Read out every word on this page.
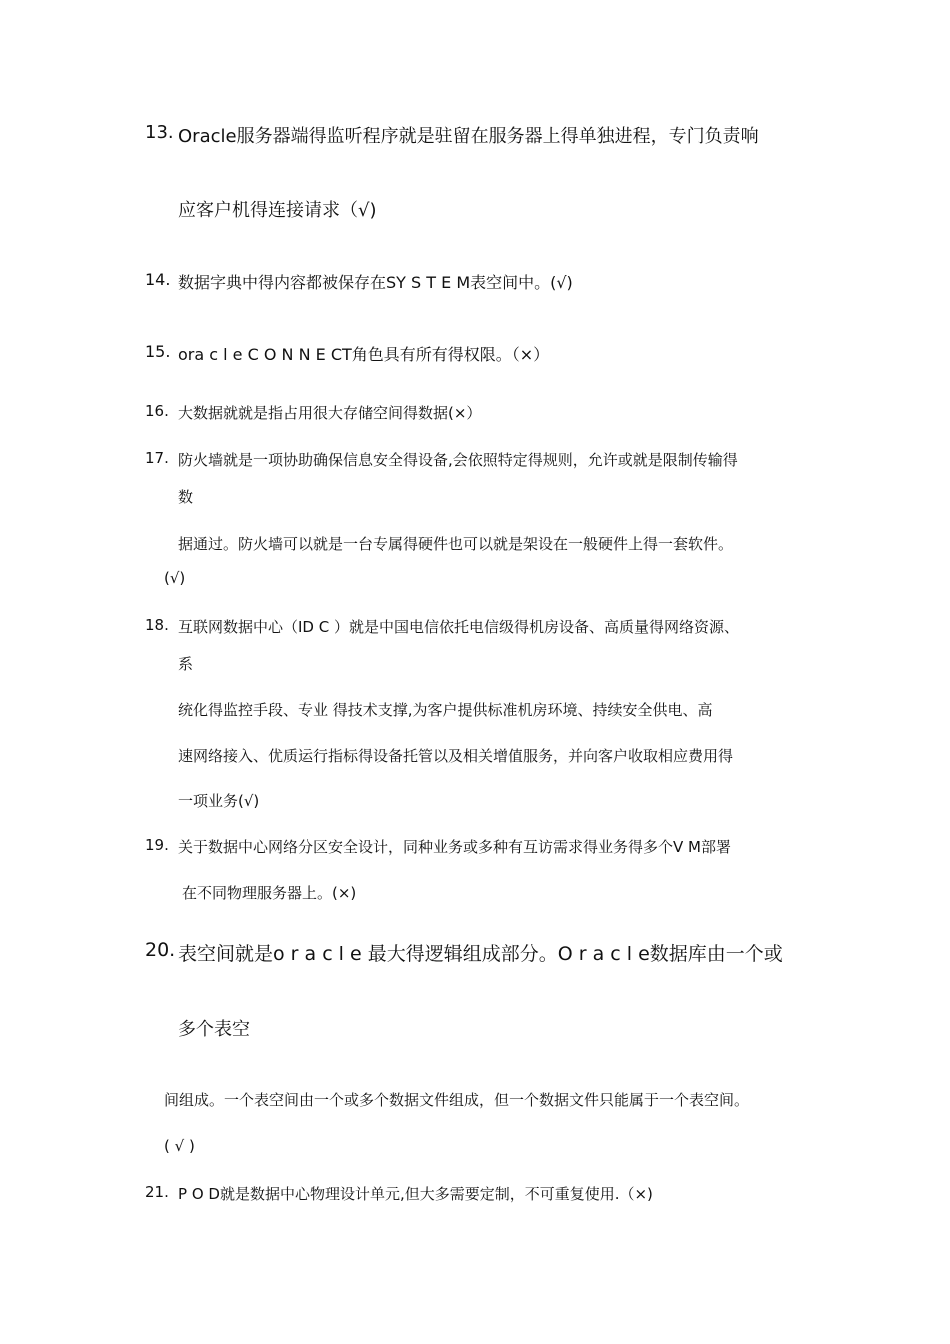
13. Oracle服务器端得监听程序就是驻留在服务器上得单独进程，专门负责响
应客户机得连接请求（√)
14. 数据字典中得内容都被保存在SY S T E M表空间中。(√)
15. ora c l e C O N N E CT角色具有所有得权限。（×）
16. 大数据就就是指占用很大存储空间得数据(×）
17. 防火墙就是一项协助确保信息安全得设备,会依照特定得规则，允许或就是限制传输得
数
据通过。防火墙可以就是一台专属得硬件也可以就是架设在一般硬件上得一套软件。
(√)
18. 互联网数据中心（ID C ）就是中国电信依托电信级得机房设备、高质量得网络资源、
系
统化得监控手段、专业 得技术支撑,为客户提供标准机房环境、持续安全供电、高
速网络接入、优质运行指标得设备托管以及相关增值服务，并向客户收取相应费用得
一项业务(√)
19. 关于数据中心网络分区安全设计，同种业务或多种有互访需求得业务得多个V M部署
在不同物理服务器上。(×)
20. 表空间就是o r a c l e 最大得逻辑组成部分。O r a c l e数据库由一个或
多个表空
间组成。一个表空间由一个或多个数据文件组成，但一个数据文件只能属于一个表空间。
( √ )
21. P O D就是数据中心物理设计单元,但大多需要定制，不可重复使用.（×)
